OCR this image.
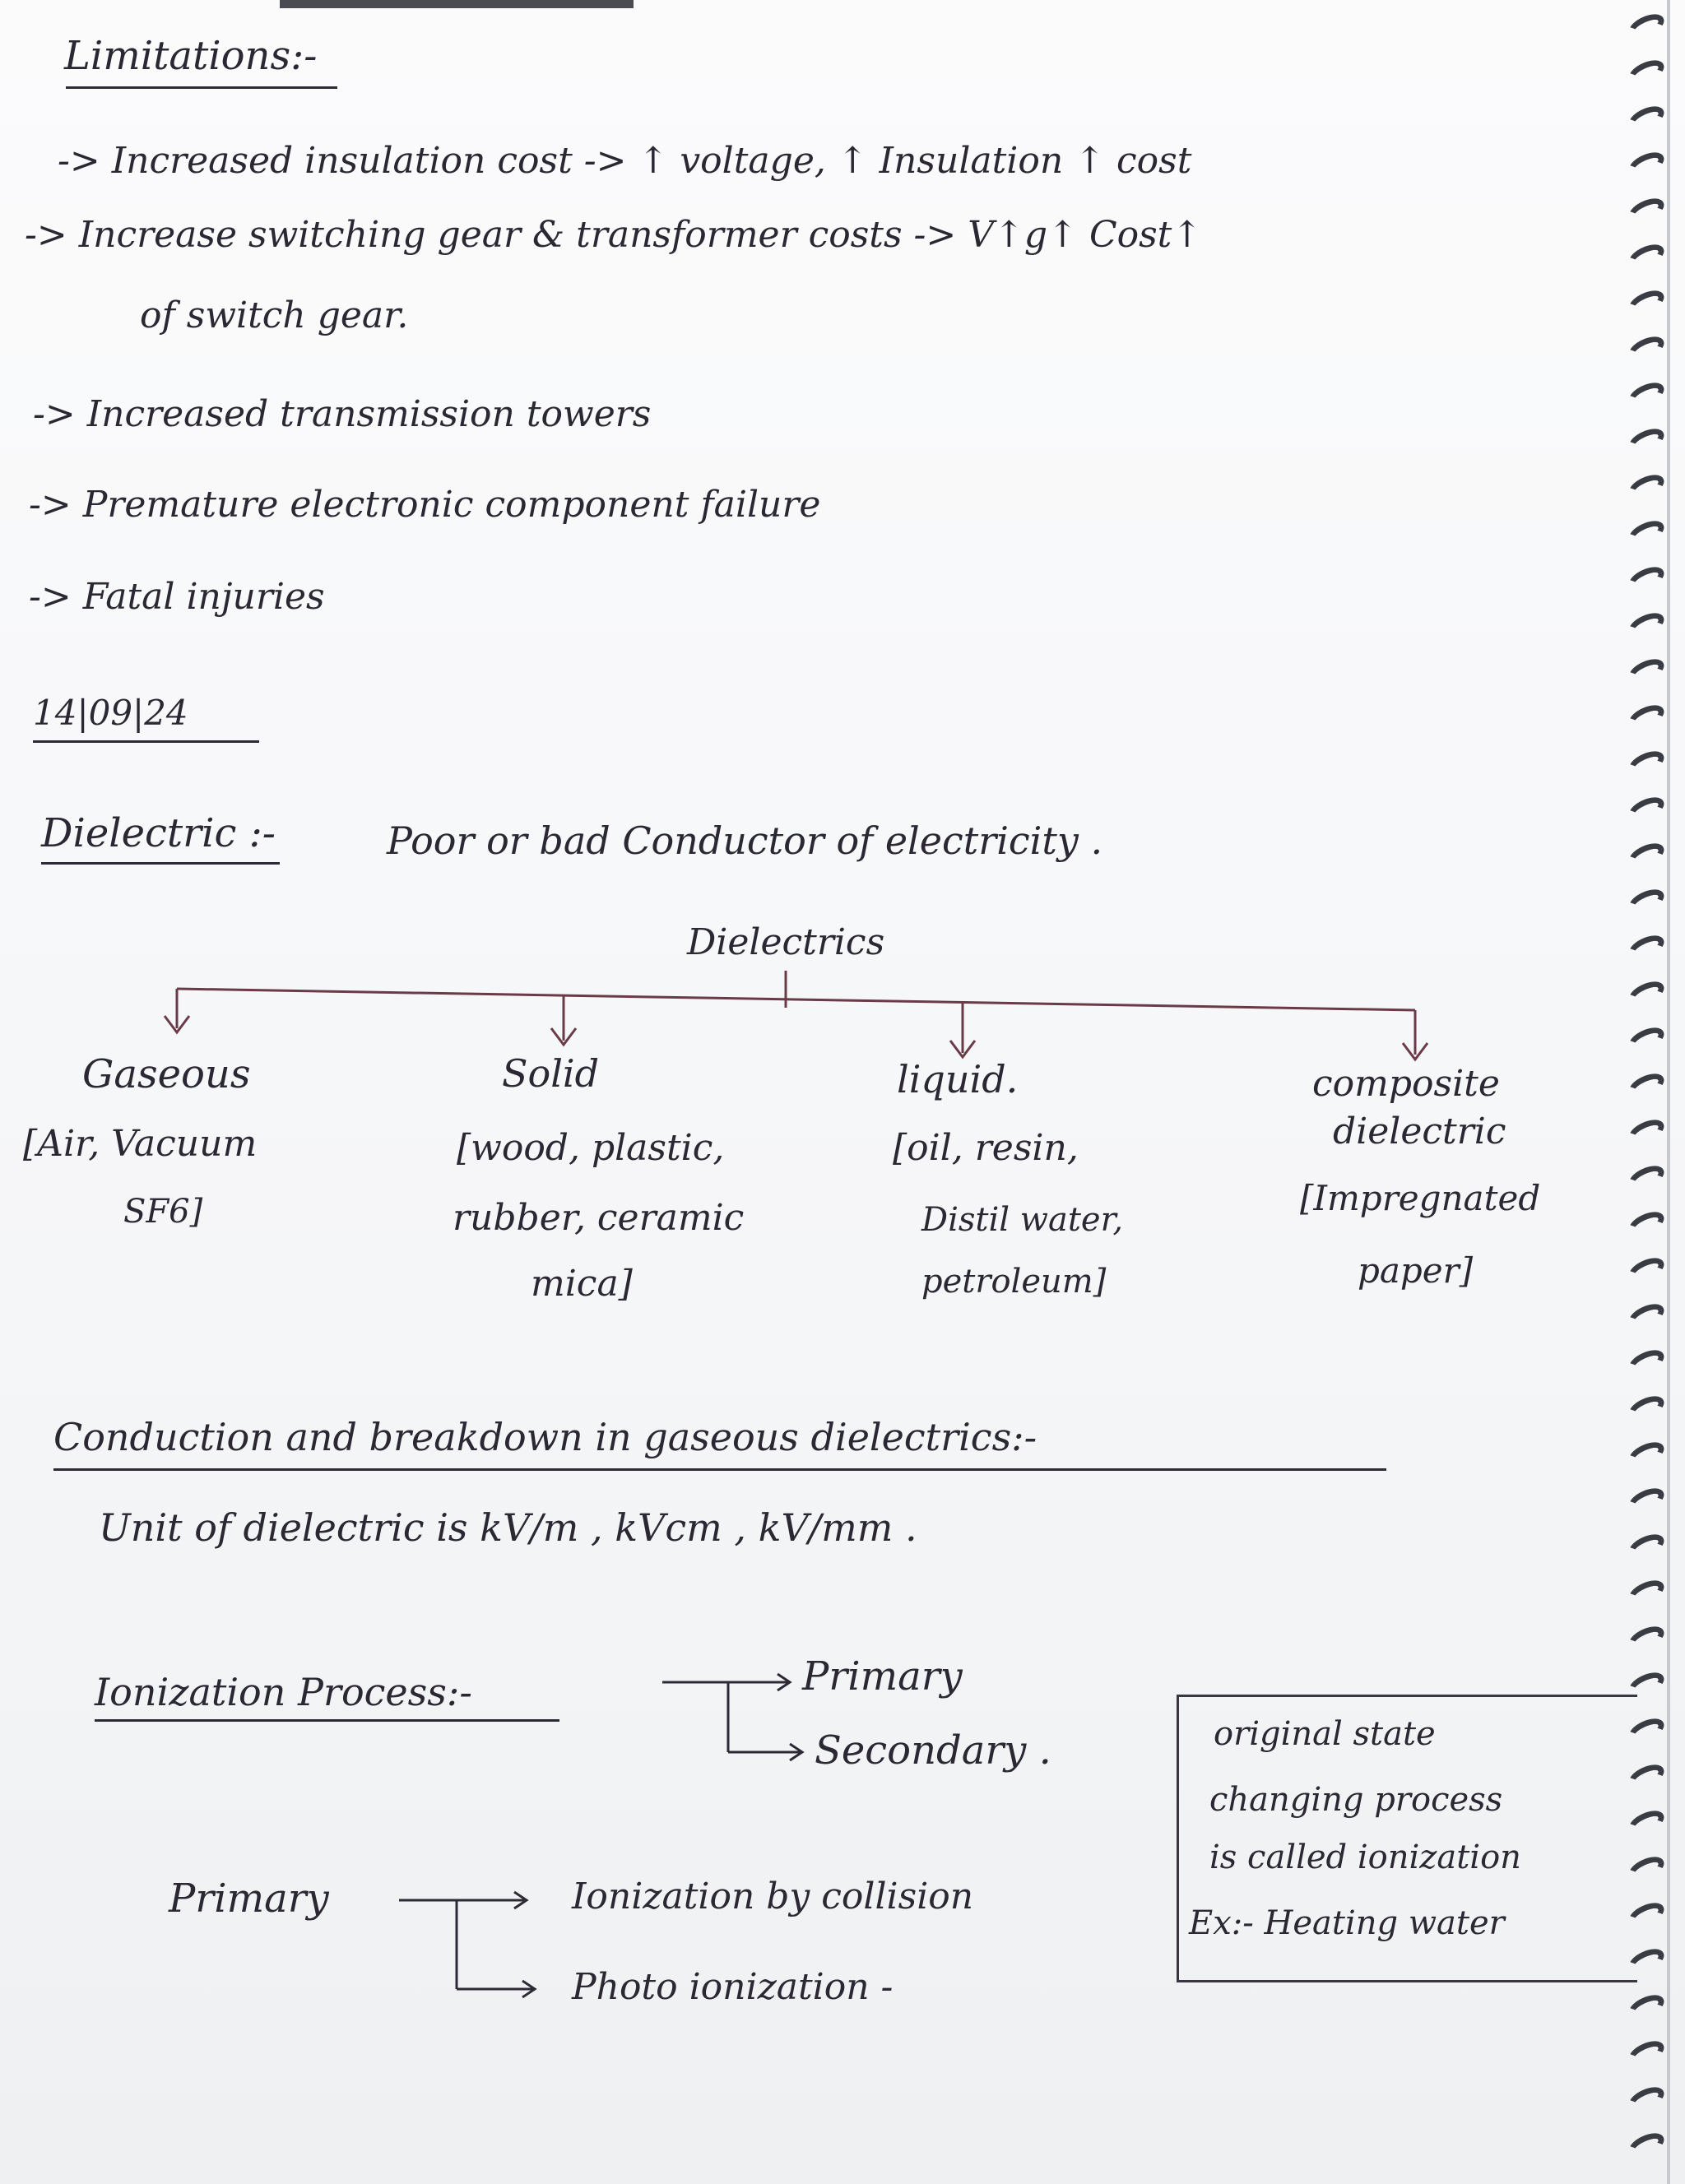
Limitations:-
-> Increased insulation cost -> ↑ voltage, ↑ Insulation ↑ cost
-> Increase switching gear & transformer costs -> V↑g↑ Cost↑
of switch gear.
-> Increased transmission towers
-> Premature electronic component failure
-> Fatal injuries
14|09|24
Dielectric :-	Poor or bad Conductor of electricity .
Dielectrics
Gaseous
[Air, Vacuum
SF6]
Solid
[wood, plastic,
rubber, ceramic
mica]
liquid.
[oil, resin,
Distil water,
petroleum]
composite
dielectric
[Impregnated
paper]
Conduction and breakdown in gaseous dielectrics:-
Unit of dielectric is kV/m , kVcm , kV/mm .
Ionization Process:-	Primary
Secondary .
Primary	Ionization by collision
Photo ionization -
original state
changing process
is called ionization
Ex:- Heating water
